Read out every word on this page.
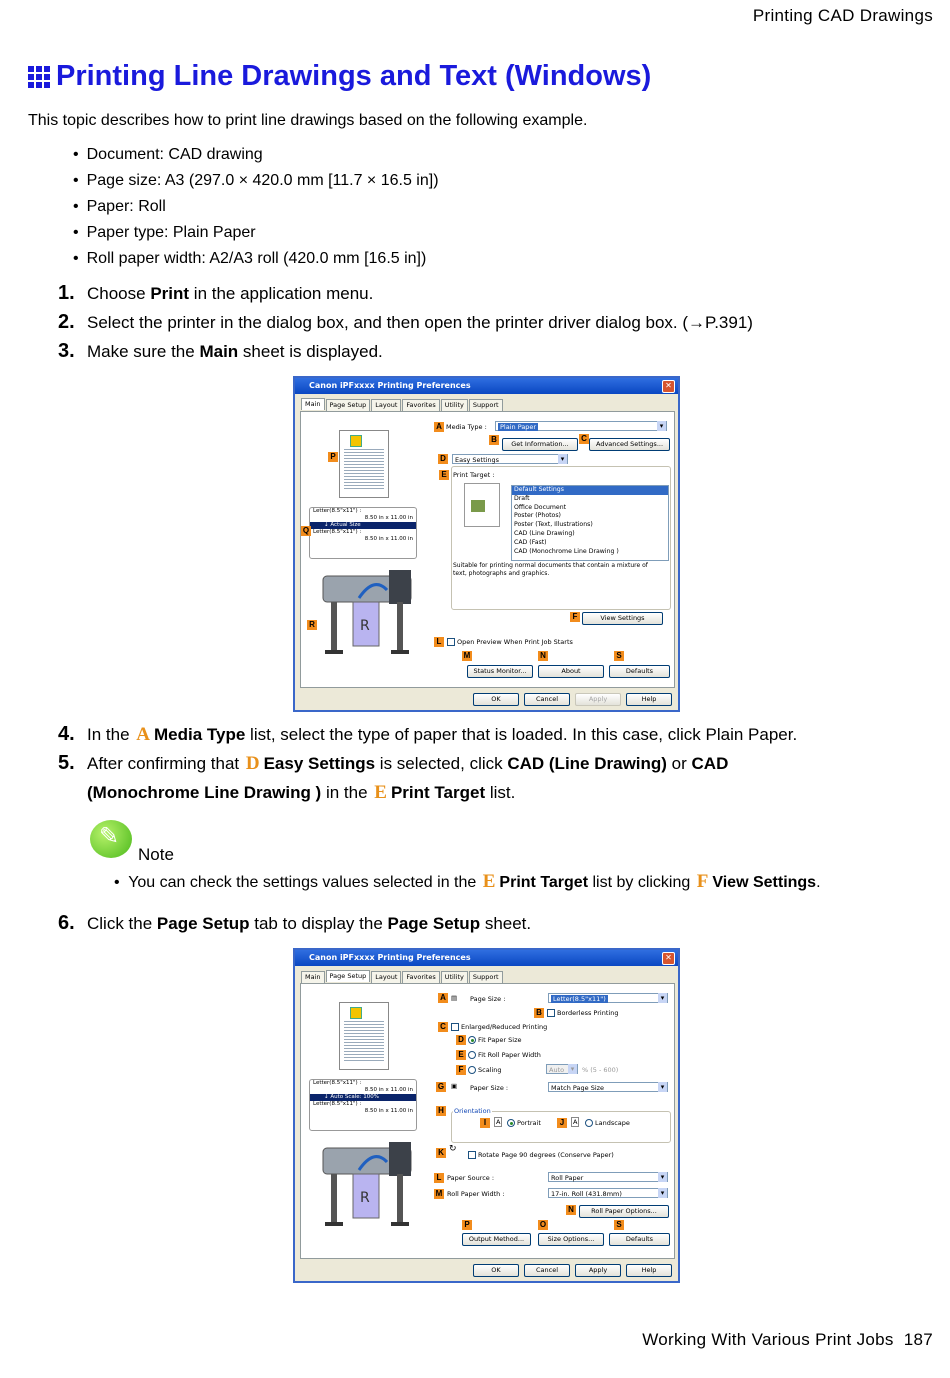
Printing CAD Drawings
Working With Various Print Jobs 187
Printing Line Drawings and Text (Windows)
This topic describes how to print line drawings based on the following example.
• Document: CAD drawing
• Page size: A3 (297.0 × 420.0 mm [11.7 × 16.5 in])
• Paper: Roll
• Paper type: Plain Paper
• Roll paper width: A2/A3 roll (420.0 mm [16.5 in])
1. Choose Print in the application menu.
2. Select the printer in the dialog box, and then open the printer driver dialog box. (→P.391)
3. Make sure the Main sheet is displayed.
Canon iPFxxxx Printing Preferences	✕
Main	Page Setup	Layout	Favorites	Utility	Support
P
Letter(8.5"x11") :
8.50 in x 11.00 in
↓ Actual Size
Letter(8.5"x11") :
8.50 in x 11.00 in
Q
R
R
A Media Type :	Plain Paper ▾
B	Get Information...
C
Advanced Settings...
D	Easy Settings ▾
E Print Target :
Default Settings
Draft
Office Document
Poster (Photos)
Poster (Text, Illustrations)
CAD (Line Drawing)
CAD (Fast)
CAD (Monochrome Line Drawing )
Suitable for printing normal documents that contain a mixture of text, photographs and graphics.
F	View Settings
L	Open Preview When Print Job Starts
M	N	S
Status Monitor...	About	Defaults
OK	Cancel	Apply	Help
4. In the A Media Type list, select the type of paper that is loaded. In this case, click Plain Paper.
5. After confirming that D Easy Settings is selected, click CAD (Line Drawing) or CAD
(Monochrome Line Drawing ) in the E Print Target list.
✎
Note
•  You can check the settings values selected in the E Print Target list by clicking F View Settings.
6. Click the Page Setup tab to display the Page Setup sheet.
Canon iPFxxxx Printing Preferences	✕
Main	Page Setup	Layout	Favorites	Utility	Support
Letter(8.5"x11") :
8.50 in x 11.00 in
↓ Auto Scale: 100%
Letter(8.5"x11") :
8.50 in x 11.00 in
R
A ▤ Page Size :	Letter(8.5"x11") ▾
B	Borderless Printing
C	Enlarged/Reduced Printing
D	Fit Paper Size
E	Fit Roll Paper Width
F	Scaling	Auto ▾	% (5 - 600)
G ▣ Paper Size :	Match Page Size ▾
H	Orientation
I	A	Portrait	J	A	Landscape
K ↻
Rotate Page 90 degrees (Conserve Paper)
L Paper Source :	Roll Paper ▾
M Roll Paper Width :	17-in. Roll (431.8mm) ▾
N	Roll Paper Options...
P	O	S
Output Method...	Size Options...	Defaults
OK	Cancel	Apply	Help
